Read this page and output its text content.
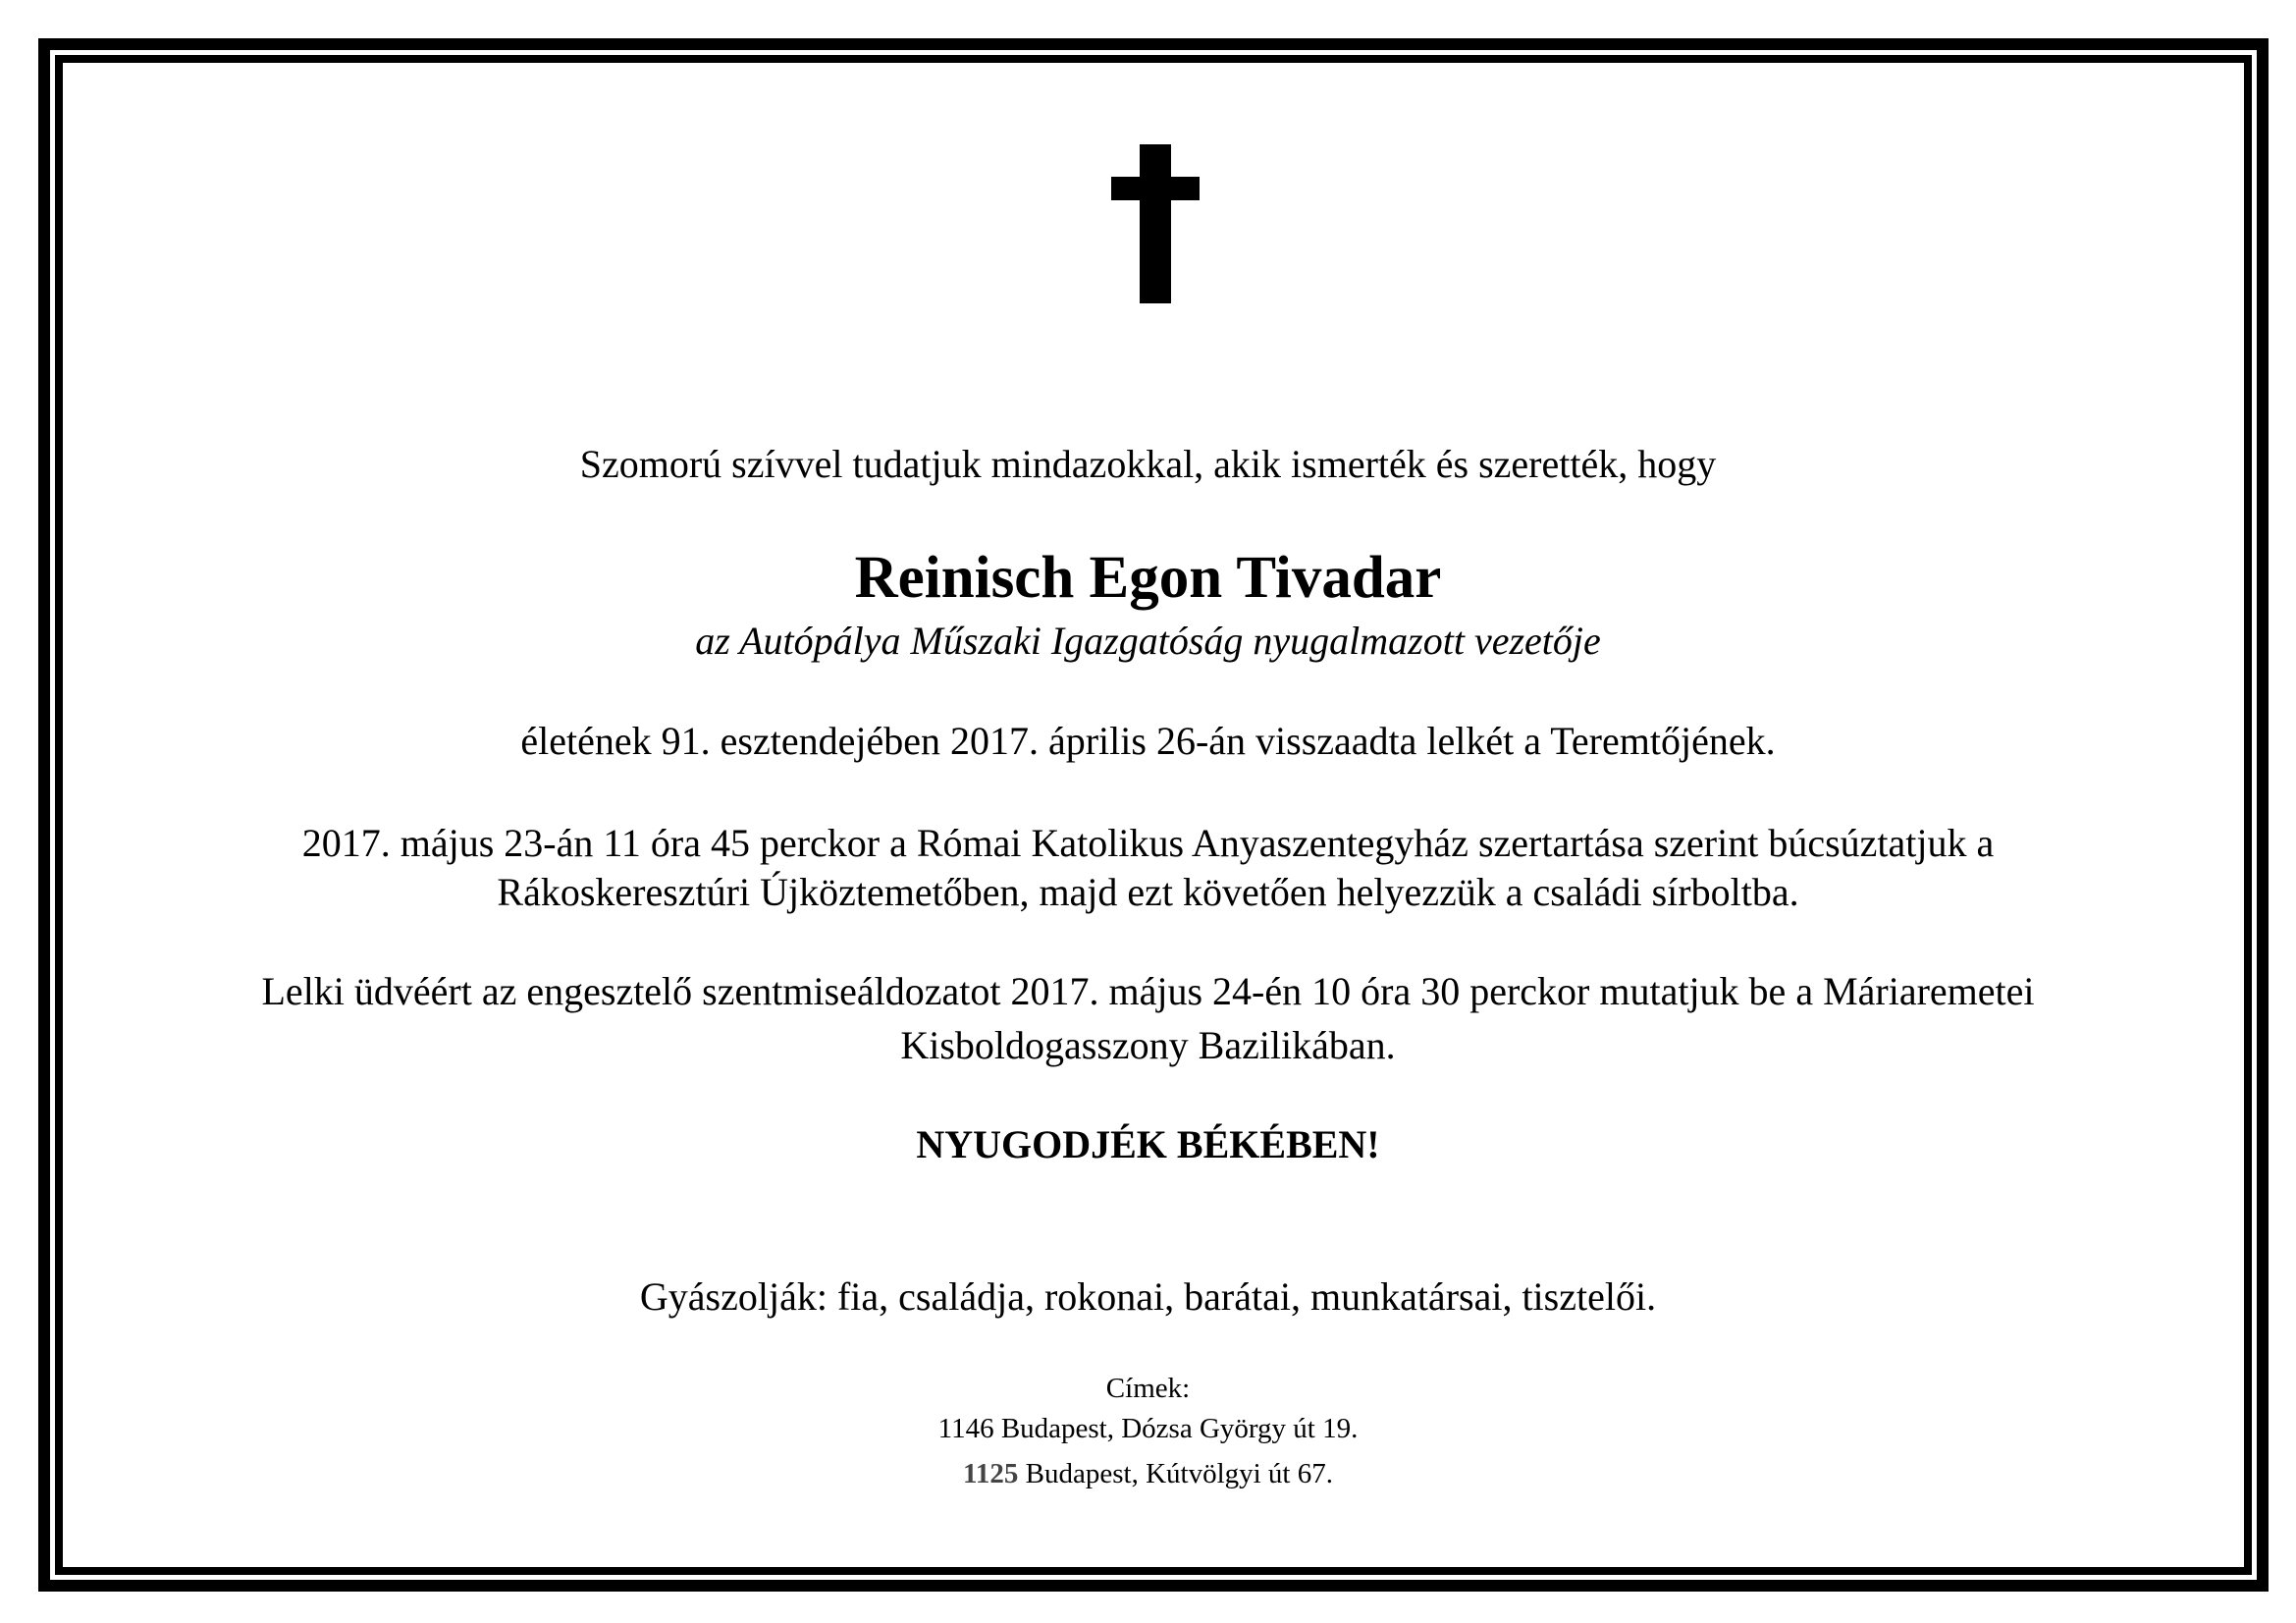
Szomorú szívvel tudatjuk mindazokkal, akik ismerték és szerették, hogy
Reinisch Egon Tivadar
az Autópálya Műszaki Igazgatóság nyugalmazott vezetője
életének 91. esztendejében 2017. április 26-án visszaadta lelkét a Teremtőjének.
2017. május 23-án 11 óra 45 perckor a Római Katolikus Anyaszentegyház szertartása szerint búcsúztatjuk a
Rákoskeresztúri Újköztemetőben, majd ezt követően helyezzük a családi sírboltba.
Lelki üdvéért az engesztelő szentmiseáldozatot 2017. május 24-én 10 óra 30 perckor mutatjuk be a Máriaremetei
Kisboldogasszony Bazilikában.
NYUGODJÉK BÉKÉBEN!
Gyászolják: fia, családja, rokonai, barátai, munkatársai, tisztelői.
Címek:
1146 Budapest, Dózsa György út 19.
1125 Budapest, Kútvölgyi út 67.
